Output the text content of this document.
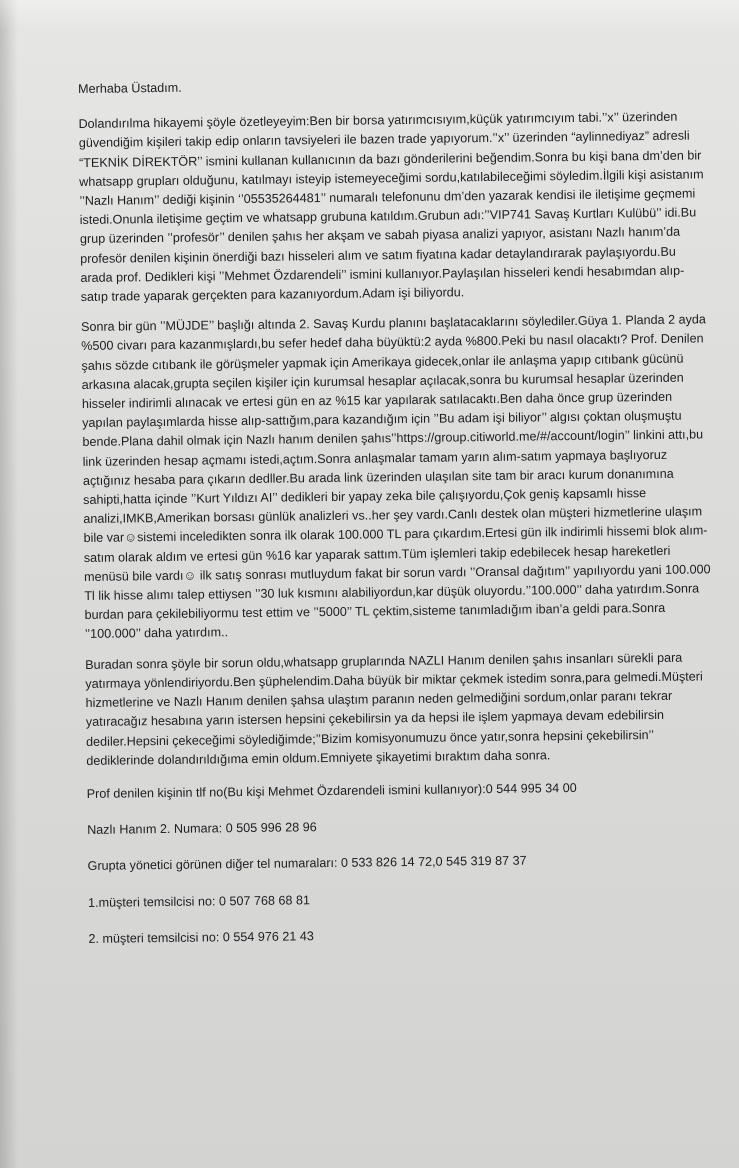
Merhaba Üstadım.

Dolandırılma hikayemi şöyle özetleyeyim:Ben bir borsa yatırımcısıyım,küçük yatırımcıyım tabi.’’x’’ üzerinden güvendiğim kişileri takip edip onların tavsiyeleri ile bazen trade yapıyorum.’’x’’ üzerinden “aylinnediyaz” adresli “TEKNİK DİREKTÖR’’ ismini kullanan kullanıcının da bazı gönderilerini beğendim.Sonra bu kişi bana dm’den bir whatsapp grupları olduğunu, katılmayı isteyip istemeyeceğimi sordu,katılabileceğimi söyledim.İlgili kişi asistanım ’’Nazlı Hanım’’ dediği kişinin ‘’05535264481’’ numaralı telefonunu dm’den yazarak kendisi ile iletişime geçmemi istedi.Onunla iletişime geçtim ve whatsapp grubuna katıldım.Grubun adı:’’VIP741 Savaş Kurtları Kulübü’’ idi.Bu grup üzerinden ’’profesör’’ denilen şahıs her akşam ve sabah piyasa analizi yapıyor, asistanı Nazlı hanım’da profesör denilen kişinin önerdiği bazı hisseleri alım ve satım fiyatına kadar detaylandırarak paylaşıyordu.Bu arada prof. Dedikleri kişi ’’Mehmet Özdarendeli’’ ismini kullanıyor.Paylaşılan hisseleri kendi hesabımdan alıp-satıp trade yaparak gerçekten para kazanıyordum.Adam işi biliyordu.

Sonra bir gün ’’MÜJDE’’ başlığı altında 2. Savaş Kurdu planını başlatacaklarını söylediler.Güya 1. Planda 2 ayda %500 civarı para kazanmışlardı,bu sefer hedef daha büyüktü:2 ayda %800.Peki bu nasıl olacaktı? Prof. Denilen şahıs sözde cıtıbank ile görüşmeler yapmak için Amerikaya gidecek,onlar ile anlaşma yapıp cıtıbank gücünü arkasına alacak,grupta seçilen kişiler için kurumsal hesaplar açılacak,sonra bu kurumsal hesaplar üzerinden hisseler indirimli alınacak ve ertesi gün en az %15 kar yapılarak satılacaktı.Ben daha önce grup üzerinden yapılan paylaşımlarda hisse alıp-sattığım,para kazandığım için ’’Bu adam işi biliyor’’ algısı çoktan oluşmuştu bende.Plana dahil olmak için Nazlı hanım denilen şahıs’’https://group.citiworld.me/#/account/login’’ linkini attı,bu link üzerinden hesap açmamı istedi,açtım.Sonra anlaşmalar tamam yarın alım-satım yapmaya başlıyoruz açtığınız hesaba para çıkarın dedller.Bu arada link üzerinden ulaşılan site tam bir aracı kurum donanımına sahipti,hatta içinde ’’Kurt Yıldızı AI’’ dedikleri bir yapay zeka bile çalışıyordu,Çok geniş kapsamlı hisse analizi,IMKB,Amerikan borsası günlük analizleri vs..her şey vardı.Canlı destek olan müşteri hizmetlerine ulaşım bile var☺sistemi inceledikten sonra ilk olarak 100.000 TL para çıkardım.Ertesi gün ilk indirimli hissemi blok alım-satım olarak aldım ve ertesi gün %16 kar yaparak sattım.Tüm işlemleri takip edebilecek hesap hareketleri menüsü bile vardı☺ ilk satış sonrası mutluydum fakat bir sorun vardı ’’Oransal dağıtım’’ yapılıyordu yani 100.000 Tl lik hisse alımı talep ettiysen ’’30 luk kısmını alabiliyordun,kar düşük oluyordu.’’100.000’’ daha yatırdım.Sonra burdan para çekilebiliyormu test ettim ve ’’5000’’ TL çektim,sisteme tanımladığım iban’a geldi para.Sonra ’’100.000’’ daha yatırdım..

Buradan sonra şöyle bir sorun oldu,whatsapp gruplarında NAZLI Hanım denilen şahıs insanları sürekli para yatırmaya yönlendiriyordu.Ben şüphelendim.Daha büyük bir miktar çekmek istedim sonra,para gelmedi.Müşteri hizmetlerine ve Nazlı Hanım denilen şahsa ulaştım paranın neden gelmediğini sordum,onlar paranı tekrar yatıracağız hesabına yarın istersen hepsini çekebilirsin ya da hepsi ile işlem yapmaya devam edebilirsin dediler.Hepsini çekeceğimi söylediğimde;’’Bizim komisyonumuzu önce yatır,sonra hepsini çekebilirsin’’ dediklerinde dolandırıldığıma emin oldum.Emniyete şikayetimi bıraktım daha sonra.

Prof denilen kişinin tlf no(Bu kişi Mehmet Özdarendeli ismini kullanıyor):0 544 995 34 00

Nazlı Hanım 2. Numara: 0 505 996 28 96

Grupta yönetici görünen diğer tel numaraları: 0 533 826 14 72,0 545 319 87 37

1.müşteri temsilcisi no: 0 507 768 68 81

2. müşteri temsilcisi no: 0 554 976 21 43
